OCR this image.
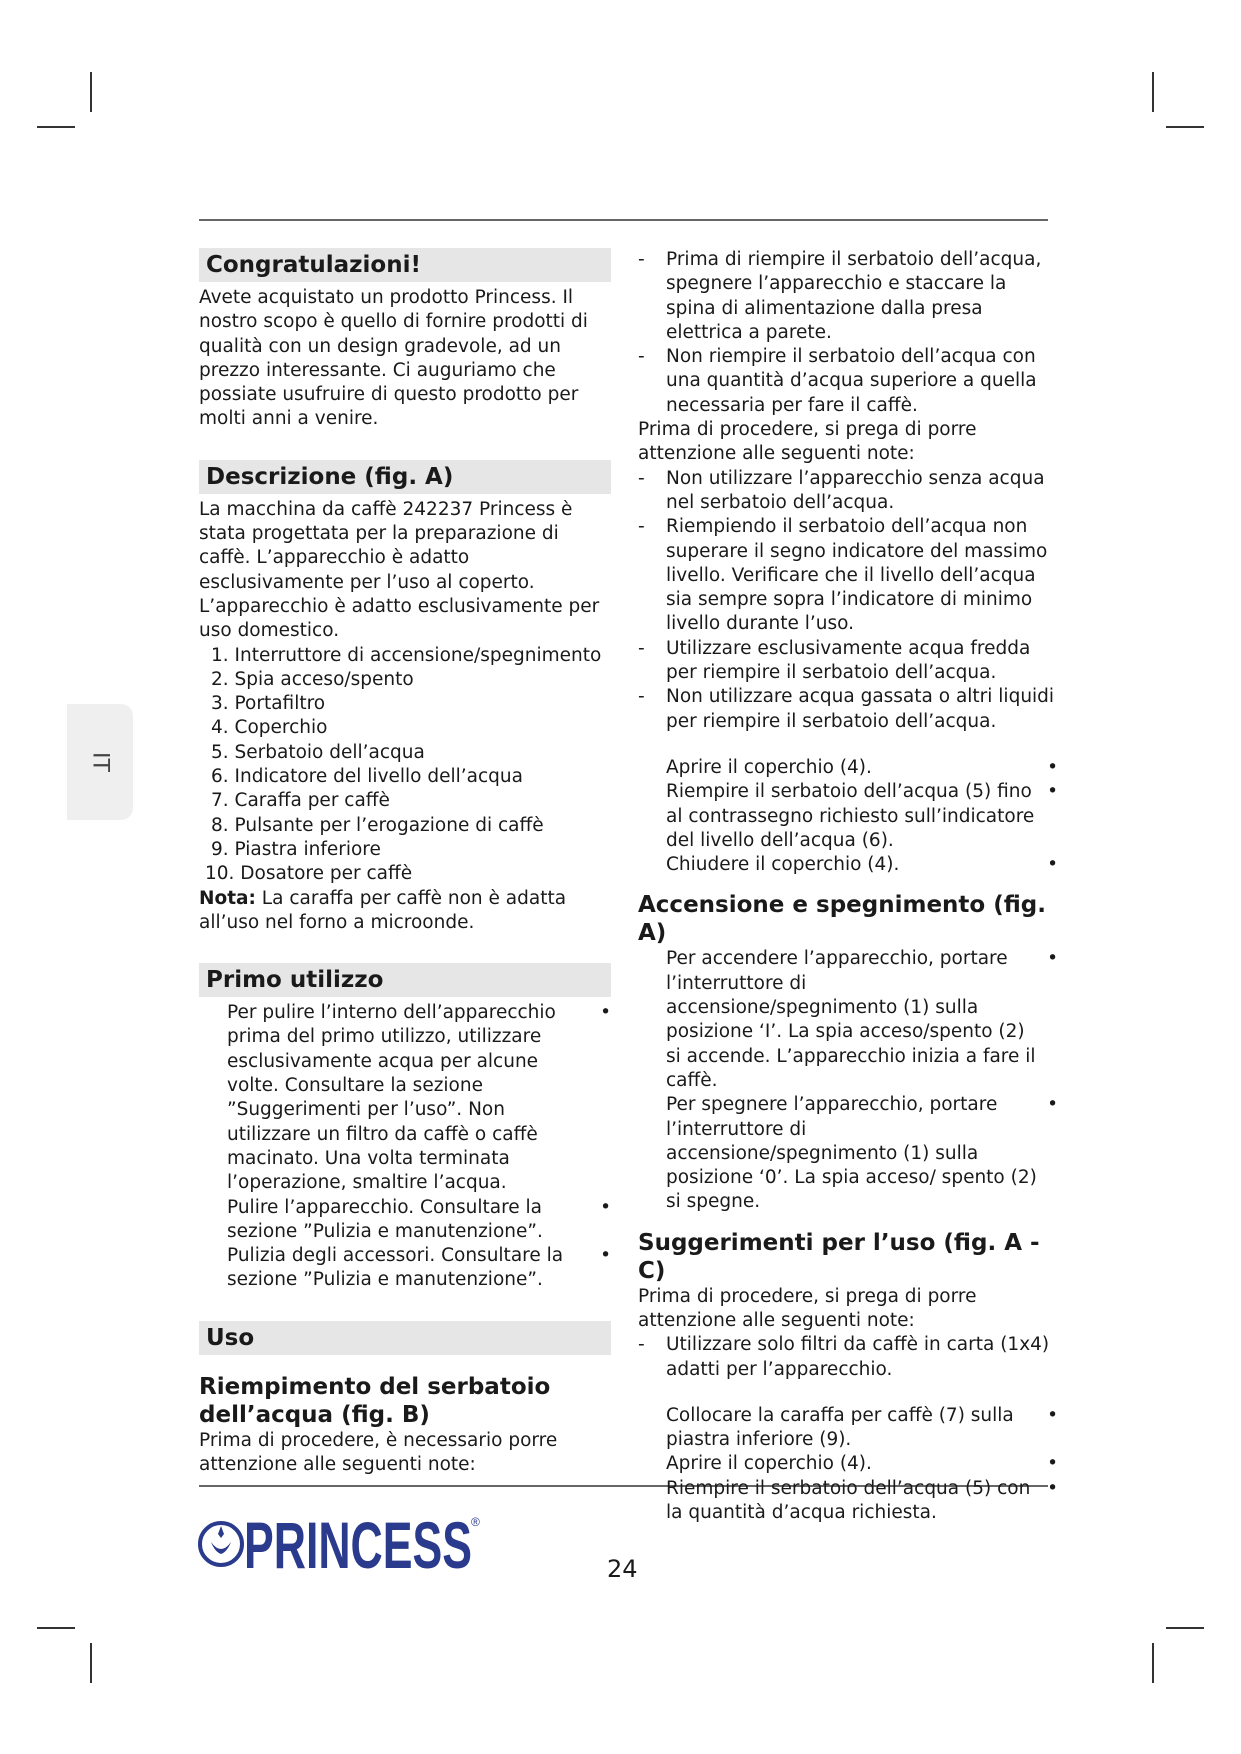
IT
Congratulazioni!

Avete acquistato un prodotto Princess. Il nostro scopo è quello di fornire prodotti di qualità con un design gradevole, ad un prezzo interessante. Ci auguriamo che possiate usufruire di questo prodotto per molti anni a venire.

Descrizione (fig. A)

La macchina da caffè 242237 Princess è stata progettata per la preparazione di caffè. L’apparecchio è adatto esclusivamente per l’uso al coperto. L’apparecchio è adatto esclusivamente per uso domestico.

1. Interruttore di accensione/spegnimento
2. Spia acceso/spento
3. Portafiltro
4. Coperchio
5. Serbatoio dell’acqua
6. Indicatore del livello dell’acqua
7. Caraffa per caffè
8. Pulsante per l’erogazione di caffè
9. Piastra inferiore
10. Dosatore per caffè

Nota: La caraffa per caffè non è adatta all’uso nel forno a microonde.

Primo utilizzo
Per pulire l’interno dell’apparecchio prima del primo utilizzo, utilizzare esclusivamente acqua per alcune volte. Consultare la sezione ”Suggerimenti per l’uso”. Non utilizzare un filtro da caffè o caffè macinato. Una volta terminata l’operazione, smaltire l’acqua.
•
Pulire l’apparecchio. Consultare la sezione ”Pulizia e manutenzione”.
•
Pulizia degli accessori. Consultare la sezione ”Pulizia e manutenzione”.
•
Uso
Riempimento del serbatoio dell’acqua (fig. B)

Prima di procedere, è necessario porre attenzione alle seguenti note:

- Prima di riempire il serbatoio dell’acqua, spegnere l’apparecchio e staccare la spina di alimentazione dalla presa elettrica a parete.
- Non riempire il serbatoio dell’acqua con una quantità d’acqua superiore a quella necessaria per fare il caffè.

Prima di procedere, si prega di porre attenzione alle seguenti note:

- Non utilizzare l’apparecchio senza acqua nel serbatoio dell’acqua.
- Riempiendo il serbatoio dell’acqua non superare il segno indicatore del massimo livello. Verificare che il livello dell’acqua sia sempre sopra l’indicatore di minimo livello durante l’uso.
- Utilizzare esclusivamente acqua fredda per riempire il serbatoio dell’acqua.
- Non utilizzare acqua gassata o altri liquidi per riempire il serbatoio dell’acqua.
Aprire il coperchio (4).	•
Riempire il serbatoio dell’acqua (5) fino al contrassegno richiesto sull’indicatore del livello dell’acqua (6).
•
Chiudere il coperchio (4).	•
Accensione e spegnimento (fig. A)
Per accendere l’apparecchio, portare l’interruttore di accensione/spegnimento (1) sulla posizione ‘I’. La spia acceso/spento (2) si accende. L’apparecchio inizia a fare il caffè.
•
Per spegnere l’apparecchio, portare l’interruttore di accensione/spegnimento (1) sulla posizione ‘0’. La spia acceso/ spento (2) si spegne.
•
Suggerimenti per l’uso (fig. A - C)

Prima di procedere, si prega di porre attenzione alle seguenti note:

- Utilizzare solo filtri da caffè in carta (1x4) adatti per l’apparecchio.
Collocare la caraffa per caffè (7) sulla piastra inferiore (9).
•
Aprire il coperchio (4).	•
Riempire il serbatoio dell’acqua (5) con la quantità d’acqua richiesta.
•
PRINCESS ®
24
